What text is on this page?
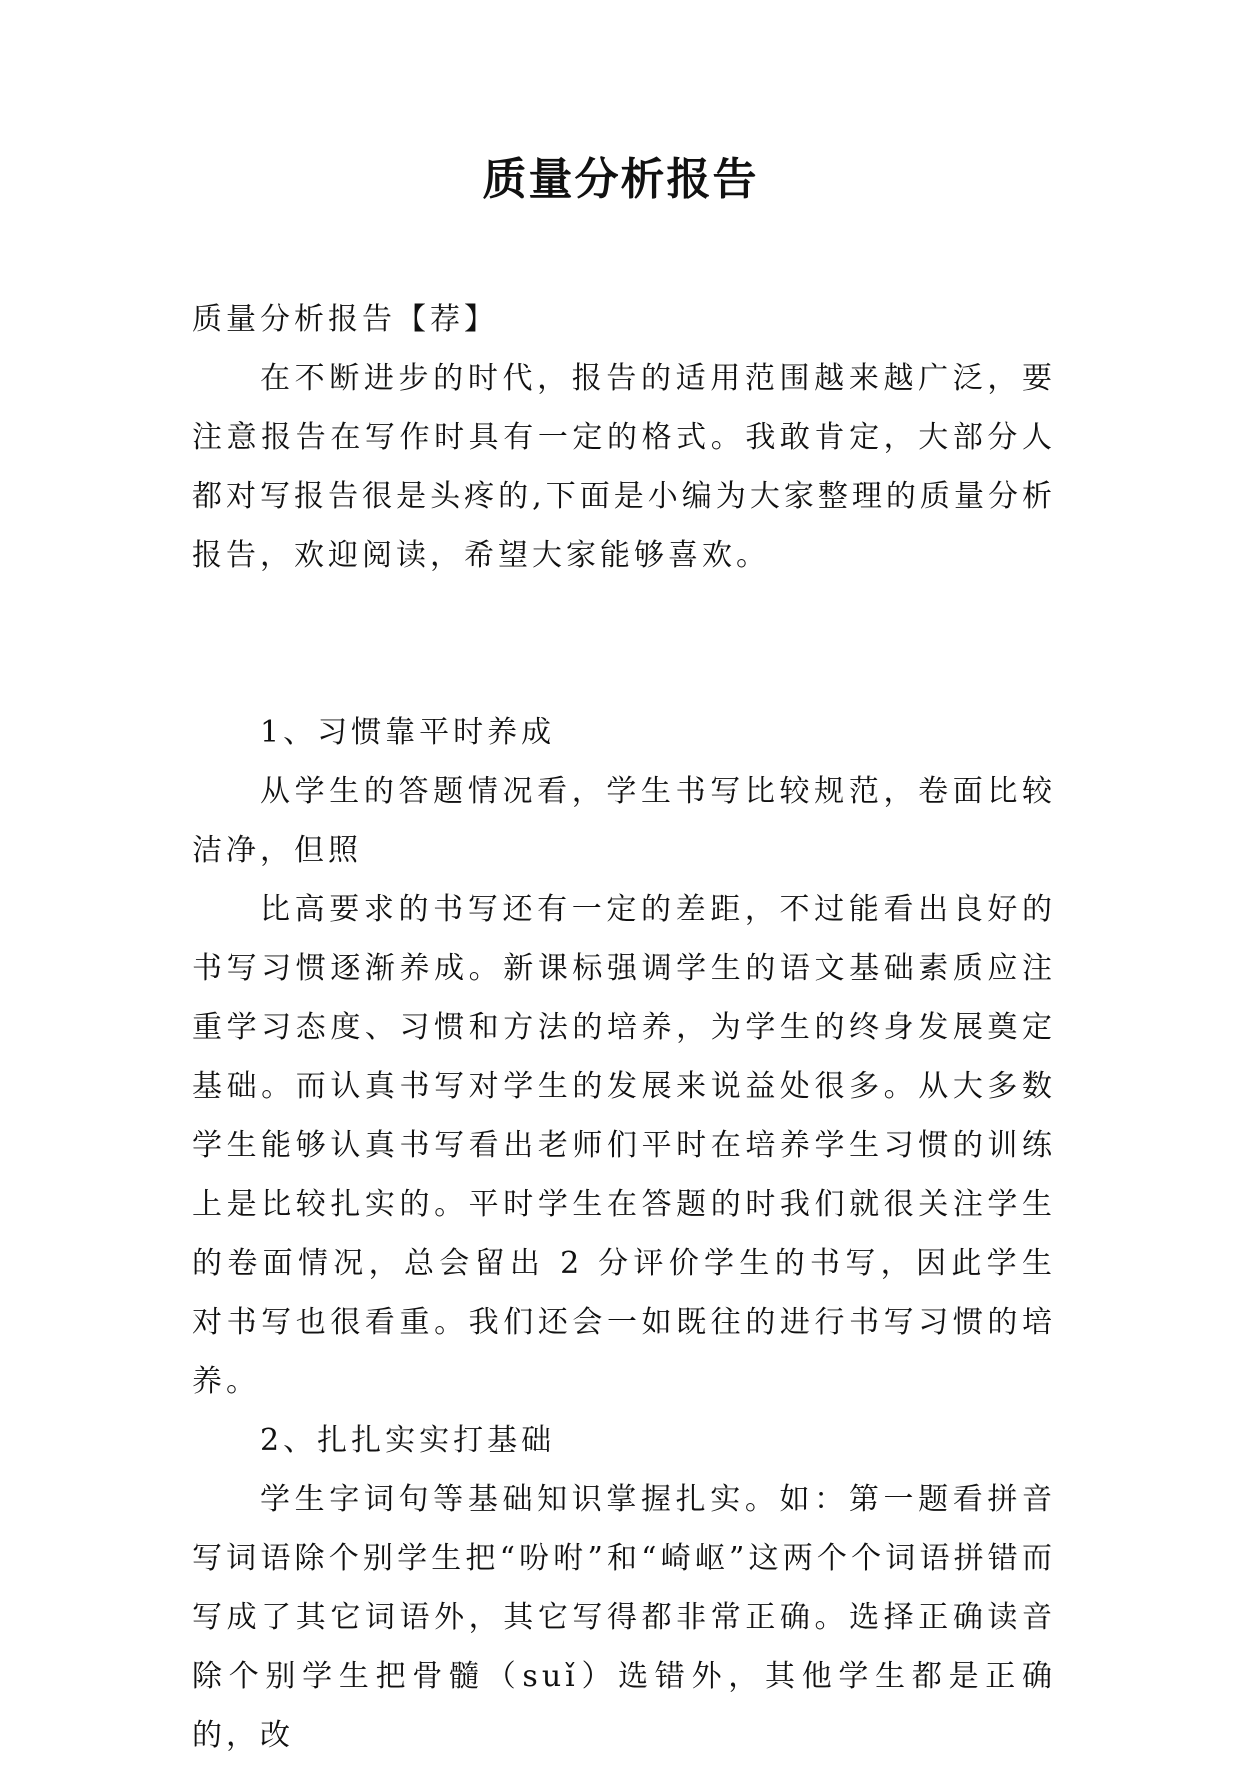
质量分析报告

质量分析报告【荐】

在不断进步的时代，报告的适用范围越来越广泛，要注意报告在写作时具有一定的格式。我敢肯定，大部分人都对写报告很是头疼的,下面是小编为大家整理的质量分析报告，欢迎阅读，希望大家能够喜欢。

1、习惯靠平时养成

从学生的答题情况看，学生书写比较规范，卷面比较洁净，但照

比高要求的书写还有一定的差距，不过能看出良好的书写习惯逐渐养成。新课标强调学生的语文基础素质应注重学习态度、习惯和方法的培养，为学生的终身发展奠定基础。而认真书写对学生的发展来说益处很多。从大多数学生能够认真书写看出老师们平时在培养学生习惯的训练上是比较扎实的。平时学生在答题的时我们就很关注学生的卷面情况，总会留出 2 分评价学生的书写，因此学生对书写也很看重。我们还会一如既往的进行书写习惯的培养。

2、扎扎实实打基础

学生字词句等基础知识掌握扎实。如：第一题看拼音写词语除个别学生把“吩咐”和“崎岖”这两个个词语拼错而写成了其它词语外，其它写得都非常正确。选择正确读音除个别学生把骨髓（suǐ）选错外，其他学生都是正确的，改
